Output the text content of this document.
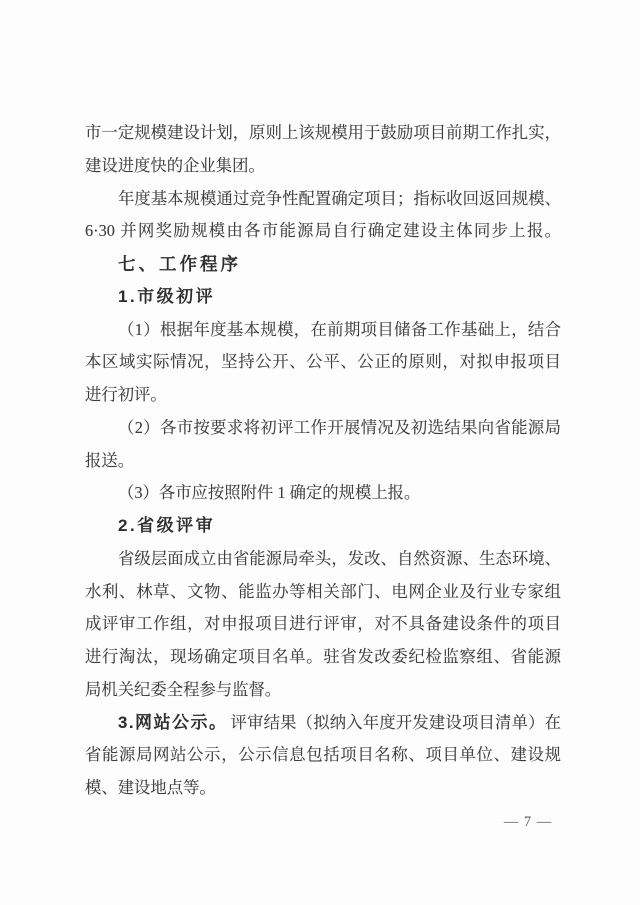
市一定规模建设计划，原则上该规模用于鼓励项目前期工作扎实，
建设进度快的企业集团。
年度基本规模通过竞争性配置确定项目；指标收回返回规模、
6·30 并网奖励规模由各市能源局自行确定建设主体同步上报。
七、工作程序
1.市级初评
（1）根据年度基本规模，在前期项目储备工作基础上，结合
本区域实际情况，坚持公开、公平、公正的原则，对拟申报项目
进行初评。
（2）各市按要求将初评工作开展情况及初选结果向省能源局
报送。
（3）各市应按照附件 1 确定的规模上报。
2.省级评审
省级层面成立由省能源局牵头，发改、自然资源、生态环境、
水利、林草、文物、能监办等相关部门、电网企业及行业专家组
成评审工作组，对申报项目进行评审，对不具备建设条件的项目
进行淘汰，现场确定项目名单。驻省发改委纪检监察组、省能源
局机关纪委全程参与监督。
3.网站公示。 评审结果（拟纳入年度开发建设项目清单）在
省能源局网站公示，公示信息包括项目名称、项目单位、建设规
模、建设地点等。
— 7 —
